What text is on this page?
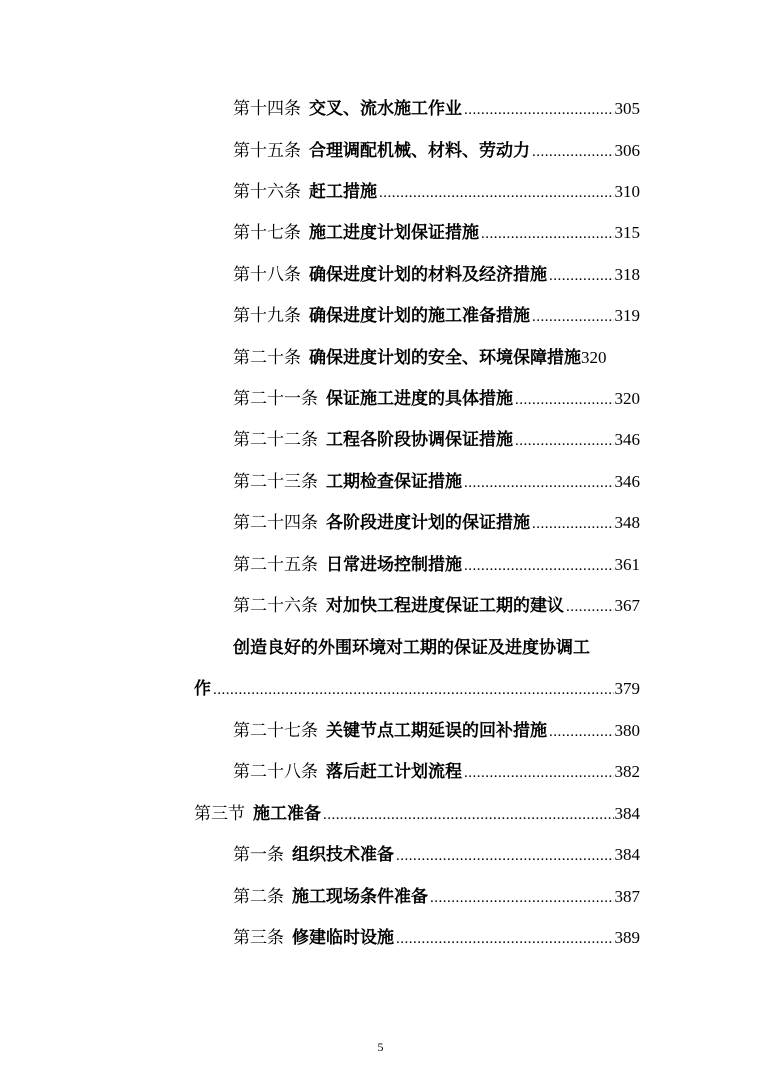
第十四条 交叉、流水施工作业 .....	305
第十五条 合理调配机械、材料、劳动力 .....	306
第十六条 赶工措施 .....	310
第十七条 施工进度计划保证措施 .....	315
第十八条 确保进度计划的材料及经济措施 .....	318
第十九条 确保进度计划的施工准备措施 .....	319
第二十条 确保进度计划的安全、环境保障措施 320
第二十一条 保证施工进度的具体措施 .....	320
第二十二条 工程各阶段协调保证措施 .....	346
第二十三条 工期检查保证措施 .....	346
第二十四条 各阶段进度计划的保证措施 .....	348
第二十五条 日常进场控制措施 .....	361
第二十六条 对加快工程进度保证工期的建议 .....	367
创造良好的外围环境对工期的保证及进度协调工
作 .....	379
第二十七条 关键节点工期延误的回补措施 .....	380
第二十八条 落后赶工计划流程 .....	382
第三节 施工准备 .....	384
第一条 组织技术准备 .....	384
第二条 施工现场条件准备 .....	387
第三条 修建临时设施 .....	389
5
